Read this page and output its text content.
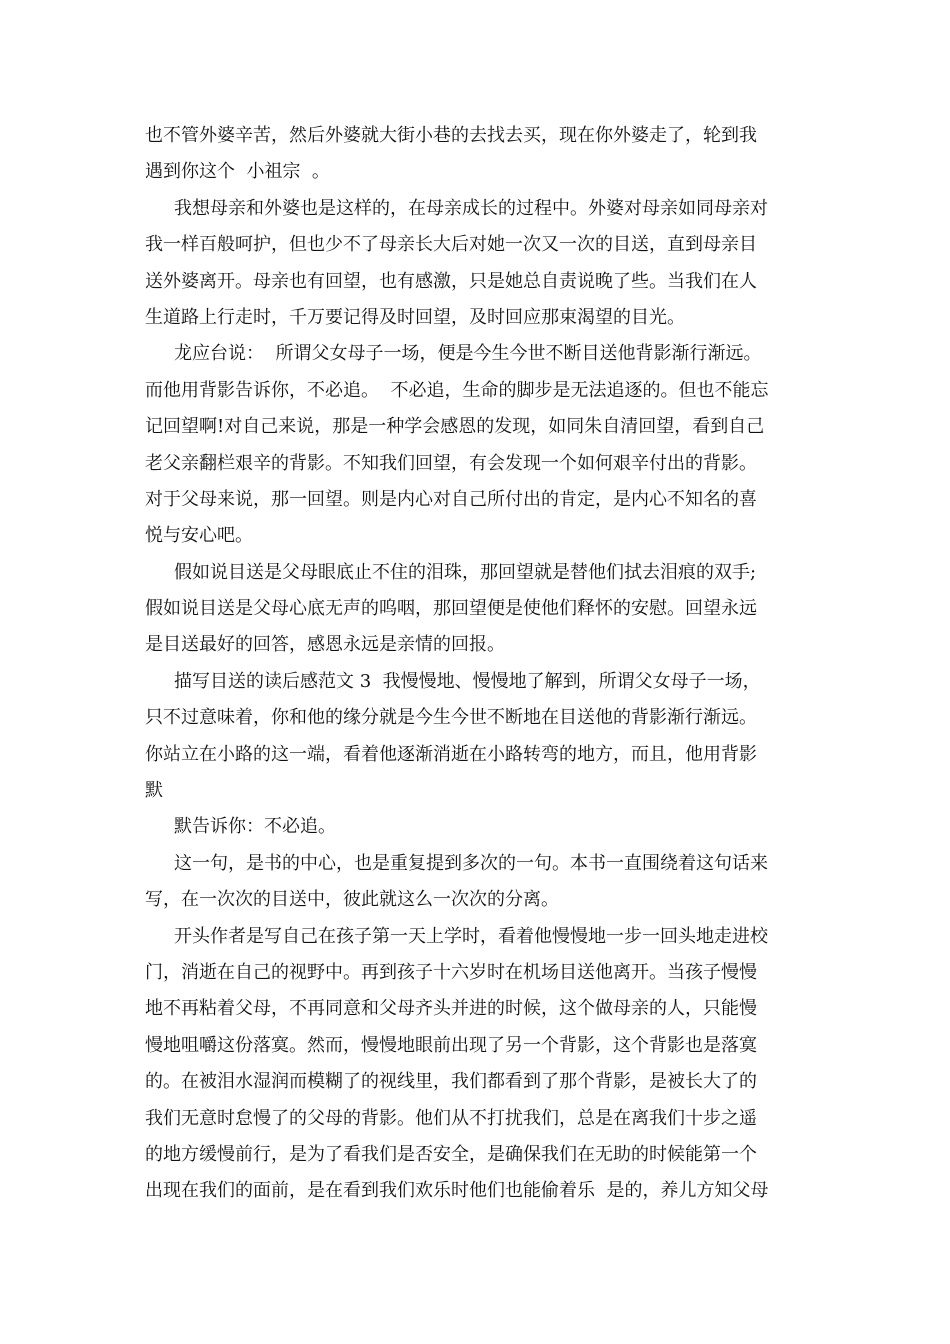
也不管外婆辛苦，然后外婆就大街小巷的去找去买，现在你外婆走了，轮到我
遇到你这个  小祖宗  。
我想母亲和外婆也是这样的，在母亲成长的过程中。外婆对母亲如同母亲对
我一样百般呵护，但也少不了母亲长大后对她一次又一次的目送，直到母亲目
送外婆离开。母亲也有回望，也有感激，只是她总自责说晚了些。当我们在人
生道路上行走时，千万要记得及时回望，及时回应那束渴望的目光。
龙应台说：  所谓父女母子一场，便是今生今世不断目送他背影渐行渐远。
而他用背影告诉你，不必追。  不必追，生命的脚步是无法追逐的。但也不能忘
记回望啊!对自己来说，那是一种学会感恩的发现，如同朱自清回望，看到自己
老父亲翻栏艰辛的背影。不知我们回望，有会发现一个如何艰辛付出的背影。
对于父母来说，那一回望。则是内心对自己所付出的肯定，是内心不知名的喜
悦与安心吧。
假如说目送是父母眼底止不住的泪珠，那回望就是替他们拭去泪痕的双手;
假如说目送是父母心底无声的呜咽，那回望便是使他们释怀的安慰。回望永远
是目送最好的回答，感恩永远是亲情的回报。
描写目送的读后感范文 3  我慢慢地、慢慢地了解到，所谓父女母子一场，
只不过意味着，你和他的缘分就是今生今世不断地在目送他的背影渐行渐远。
你站立在小路的这一端，看着他逐渐消逝在小路转弯的地方，而且，他用背影
默
默告诉你：不必追。
这一句，是书的中心，也是重复提到多次的一句。本书一直围绕着这句话来
写，在一次次的目送中，彼此就这么一次次的分离。
开头作者是写自己在孩子第一天上学时，看着他慢慢地一步一回头地走进校
门，消逝在自己的视野中。再到孩子十六岁时在机场目送他离开。当孩子慢慢
地不再粘着父母，不再同意和父母齐头并进的时候，这个做母亲的人，只能慢
慢地咀嚼这份落寞。然而，慢慢地眼前出现了另一个背影，这个背影也是落寞
的。在被泪水湿润而模糊了的视线里，我们都看到了那个背影，是被长大了的
我们无意时怠慢了的父母的背影。他们从不打扰我们，总是在离我们十步之遥
的地方缓慢前行，是为了看我们是否安全，是确保我们在无助的时候能第一个
出现在我们的面前，是在看到我们欢乐时他们也能偷着乐  是的，养儿方知父母
